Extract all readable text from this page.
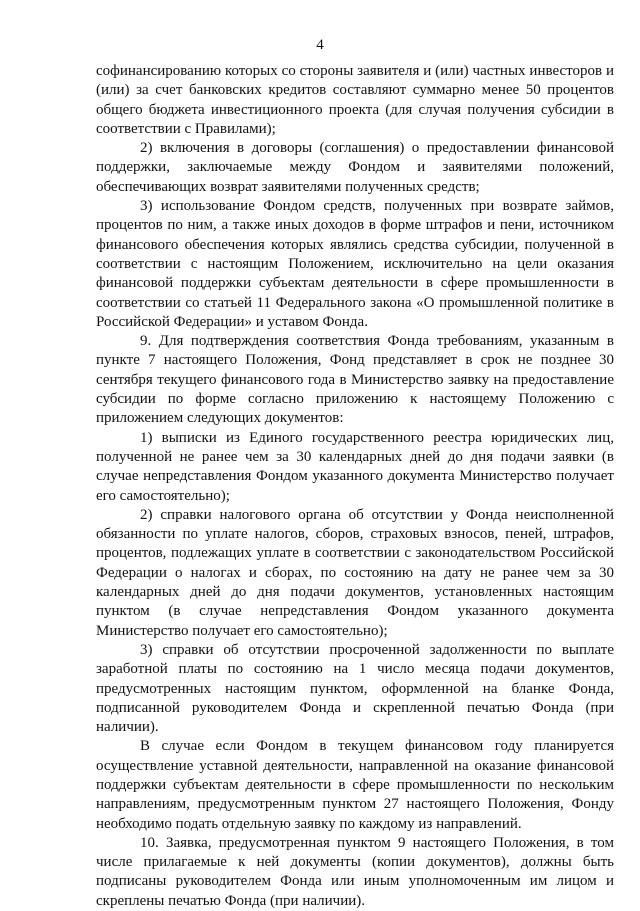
4

софинансированию которых со стороны заявителя и (или) частных инвесторов и (или) за счет банковских кредитов составляют суммарно менее 50 процентов общего бюджета инвестиционного проекта (для случая получения субсидии в соответствии с Правилами);

2) включения в договоры (соглашения) о предоставлении финансовой поддержки, заключаемые между Фондом и заявителями положений, обеспечивающих возврат заявителями полученных средств;

3) использование Фондом средств, полученных при возврате займов, процентов по ним, а также иных доходов в форме штрафов и пени, источником финансового обеспечения которых являлись средства субсидии, полученной в соответствии с настоящим Положением, исключительно на цели оказания финансовой поддержки субъектам деятельности в сфере промышленности в соответствии со статьей 11 Федерального закона «О промышленной политике в Российской Федерации» и уставом Фонда.

9. Для подтверждения соответствия Фонда требованиям, указанным в пункте 7 настоящего Положения, Фонд представляет в срок не позднее 30 сентября текущего финансового года в Министерство заявку на предоставление субсидии по форме согласно приложению к настоящему Положению с приложением следующих документов:

1) выписки из Единого государственного реестра юридических лиц, полученной не ранее чем за 30 календарных дней до дня подачи заявки (в случае непредставления Фондом указанного документа Министерство получает его самостоятельно);

2) справки налогового органа об отсутствии у Фонда неисполненной обязанности по уплате налогов, сборов, страховых взносов, пеней, штрафов, процентов, подлежащих уплате в соответствии с законодательством Российской Федерации о налогах и сборах, по состоянию на дату не ранее чем за 30 календарных дней до дня подачи документов, установленных настоящим пунктом (в случае непредставления Фондом указанного документа Министерство получает его самостоятельно);

3) справки об отсутствии просроченной задолженности по выплате заработной платы по состоянию на 1 число месяца подачи документов, предусмотренных настоящим пунктом, оформленной на бланке Фонда, подписанной руководителем Фонда и скрепленной печатью Фонда (при наличии).

В случае если Фондом в текущем финансовом году планируется осуществление уставной деятельности, направленной на оказание финансовой поддержки субъектам деятельности в сфере промышленности по нескольким направлениям, предусмотренным пунктом 27 настоящего Положения, Фонду необходимо подать отдельную заявку по каждому из направлений.

10. Заявка, предусмотренная пунктом 9 настоящего Положения, в том числе прилагаемые к ней документы (копии документов), должны быть подписаны руководителем Фонда или иным уполномоченным им лицом и скреплены печатью Фонда (при наличии).
